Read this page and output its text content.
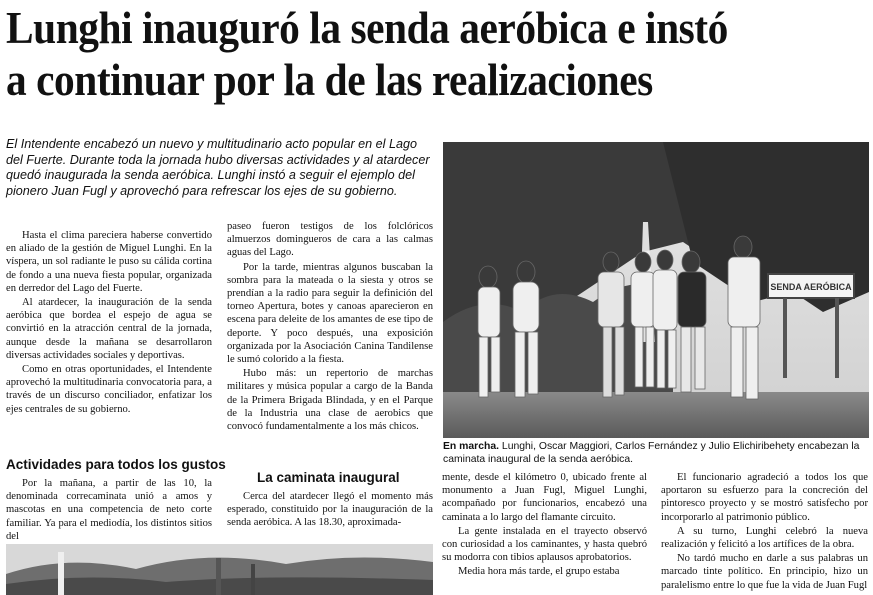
Lunghi inauguró la senda aeróbica e instó
a continuar por la de las realizaciones
El Intendente encabezó un nuevo y multitudinario acto popular en el Lago del Fuerte. Durante toda la jornada hubo diversas actividades y al atardecer quedó inaugurada la senda aeróbica. Lunghi instó a seguir el ejemplo del pionero Juan Fugl y aprovechó para refrescar los ejes de su gobierno.

Hasta el clima pareciera haberse convertido en aliado de la gestión de Miguel Lunghi. En la víspera, un sol radiante le puso su cálida cortina de fondo a una nueva fiesta popular, organizada en derredor del Lago del Fuerte.

Al atardecer, la inauguración de la senda aeróbica que bordea el espejo de agua se convirtió en la atracción central de la jornada, aunque desde la mañana se desarrollaron diversas actividades sociales y deportivas.

Como en otras oportunidades, el Intendente aprovechó la multitudinaria convocatoria para, a través de un discurso conciliador, enfatizar los ejes centrales de su gobierno.

Actividades para todos los gustos

Por la mañana, a partir de las 10, la denominada correcaminata unió a amos y mascotas en una competencia de neto corte familiar. Ya para el mediodía, los distintos sitios del

paseo fueron testigos de los folclóricos almuerzos domingueros de cara a las calmas aguas del Lago.

Por la tarde, mientras algunos buscaban la sombra para la mateada o la siesta y otros se prendían a la radio para seguir la definición del torneo Apertura, botes y canoas aparecieron en escena para deleite de los amantes de ese tipo de deporte. Y poco después, una exposición organizada por la Asociación Canina Tandilense le sumó colorido a la fiesta.

Hubo más: un repertorio de marchas militares y música popular a cargo de la Banda de la Primera Brigada Blindada, y en el Parque de la Industria una clase de aerobics que convocó fundamentalmente a los más chicos.

La caminata inaugural

Cerca del atardecer llegó el momento más esperado, constituido por la inauguración de la senda aeróbica. A las 18.30, aproximada-

SENDA AERÓBICA
En marcha. Lunghi, Oscar Maggiori, Carlos Fernández y Julio Elichiribehety encabezan la caminata inaugural de la senda aeróbica.

mente, desde el kilómetro 0, ubicado frente al monumento a Juan Fugl, Miguel Lunghi, acompañado por funcionarios, encabezó una caminata a lo largo del flamante circuito.

La gente instalada en el trayecto observó con curiosidad a los caminantes, y hasta quebró su modorra con tibios aplausos aprobatorios.

Media hora más tarde, el grupo estaba

El funcionario agradeció a todos los que aportaron su esfuerzo para la concreción del pintoresco proyecto y se mostró satisfecho por incorporarlo al patrimonio público.

A su turno, Lunghi celebró la nueva realización y felicitó a los artífices de la obra.

No tardó mucho en darle a sus palabras un marcado tinte político. En principio, hizo un paralelismo entre lo que fue la vida de Juan Fugl
